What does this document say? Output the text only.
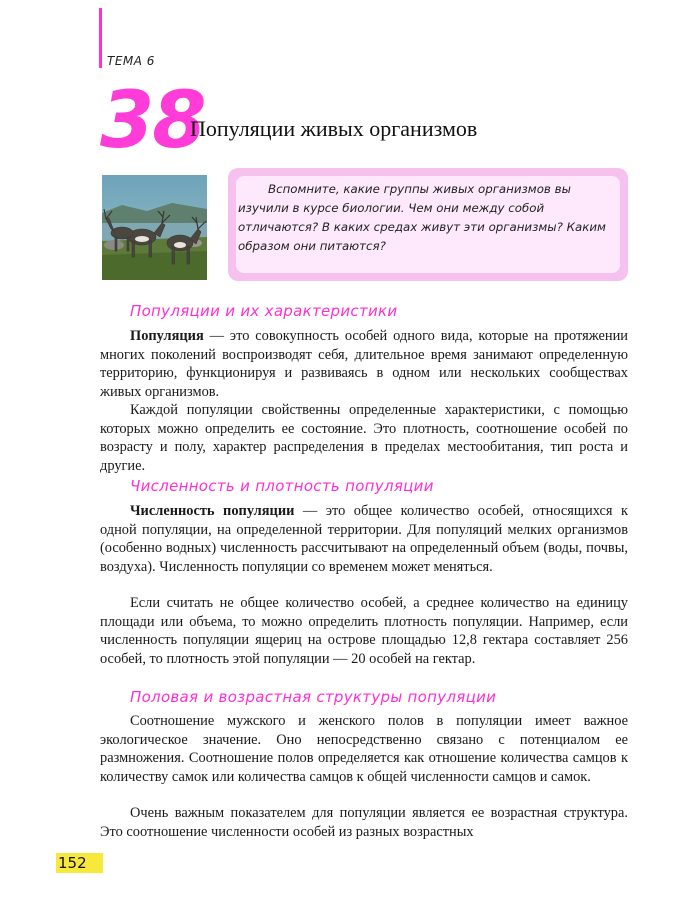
ТЕМА 6
38
Популяции живых организмов
Вспомните, какие группы живых организмов вы изучили в курсе биологии. Чем они между собой отличаются? В каких средах живут эти организмы? Каким образом они питаются?
Популяции и их характеристики

Популяция — это совокупность особей одного вида, которые на протяжении многих поколений воспроизводят себя, длительное время занимают определенную территорию, функционируя и развиваясь в одном или нескольких сообществах живых организмов.

Каждой популяции свойственны определенные характеристики, с помощью которых можно определить ее состояние. Это плотность, соотношение особей по возрасту и полу, характер распределения в пределах местообитания, тип роста и другие.

Численность и плотность популяции

Численность популяции — это общее количество особей, относящихся к одной популяции, на определенной территории. Для популяций мелких организмов (особенно водных) численность рассчитывают на определенный объем (воды, почвы, воздуха). Численность популяции со временем может меняться.

Если считать не общее количество особей, а среднее количество на единицу площади или объема, то можно определить плотность популяции. Например, если численность популяции ящериц на острове площадью 12,8 гектара составляет 256 особей, то плотность этой популяции — 20 особей на гектар.

Половая и возрастная структуры популяции

Соотношение мужского и женского полов в популяции имеет важное экологическое значение. Оно непосредственно связано с потенциалом ее размножения. Соотношение полов определяется как отношение количества самцов к количеству самок или количества самцов к общей численности самцов и самок.

Очень важным показателем для популяции является ее возрастная структура. Это соотношение численности особей из разных возрастных

152
